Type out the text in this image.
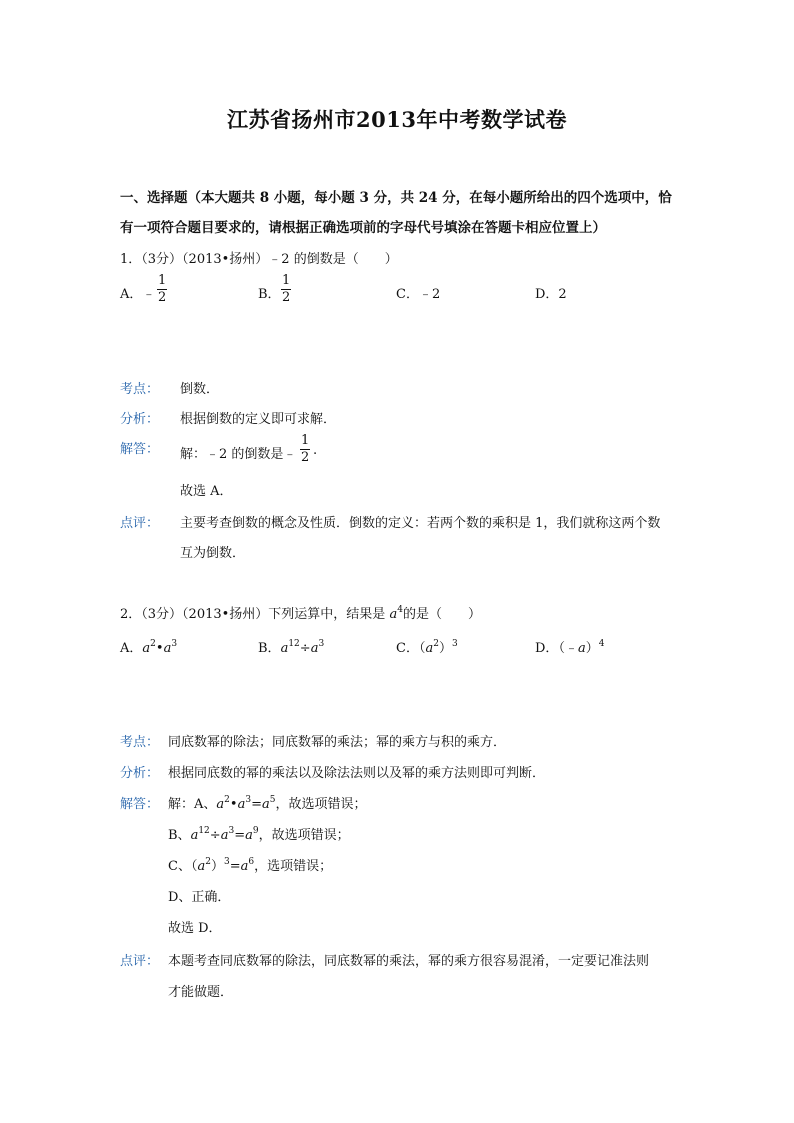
江苏省扬州市2013年中考数学试卷
一、选择题（本大题共 8 小题，每小题 3 分，共 24 分，在每小题所给出的四个选项中，恰
有一项符合题目要求的，请根据正确选项前的字母代号填涂在答题卡相应位置上）
1．（3分）（2013•扬州）﹣2 的倒数是（　　）
A．﹣
1
2	B．
1
2	C．﹣2	D．2
考点： 倒数．
分析： 根据倒数的定义即可求解．
解答： 解：﹣2 的倒数是﹣
1
2 .
故选 A．
点评： 主要考查倒数的概念及性质．倒数的定义：若两个数的乘积是 1，我们就称这两个数
互为倒数．
2．（3分）（2013•扬州）下列运算中，结果是 $a^4$的是（　　）
A．$a^2•a^3$	B．$a^{12}\div a^3$	C．$(a^2)^3$	D．（﹣a）$^4$
考点： 同底数幂的除法；同底数幂的乘法；幂的乘方与积的乘方．
分析： 根据同底数的幂的乘法以及除法法则以及幂的乘方法则即可判断．
解答： 解：A、$a^2•a^3=a^5$，故选项错误；
B、$a^{12}\div a^3=a^9$，故选项错误；
C、$(a^2)^3=a^6$，选项错误；
D、正确．
故选 D．
点评： 本题考查同底数幂的除法，同底数幂的乘法，幂的乘方很容易混淆，一定要记准法则
才能做题．
